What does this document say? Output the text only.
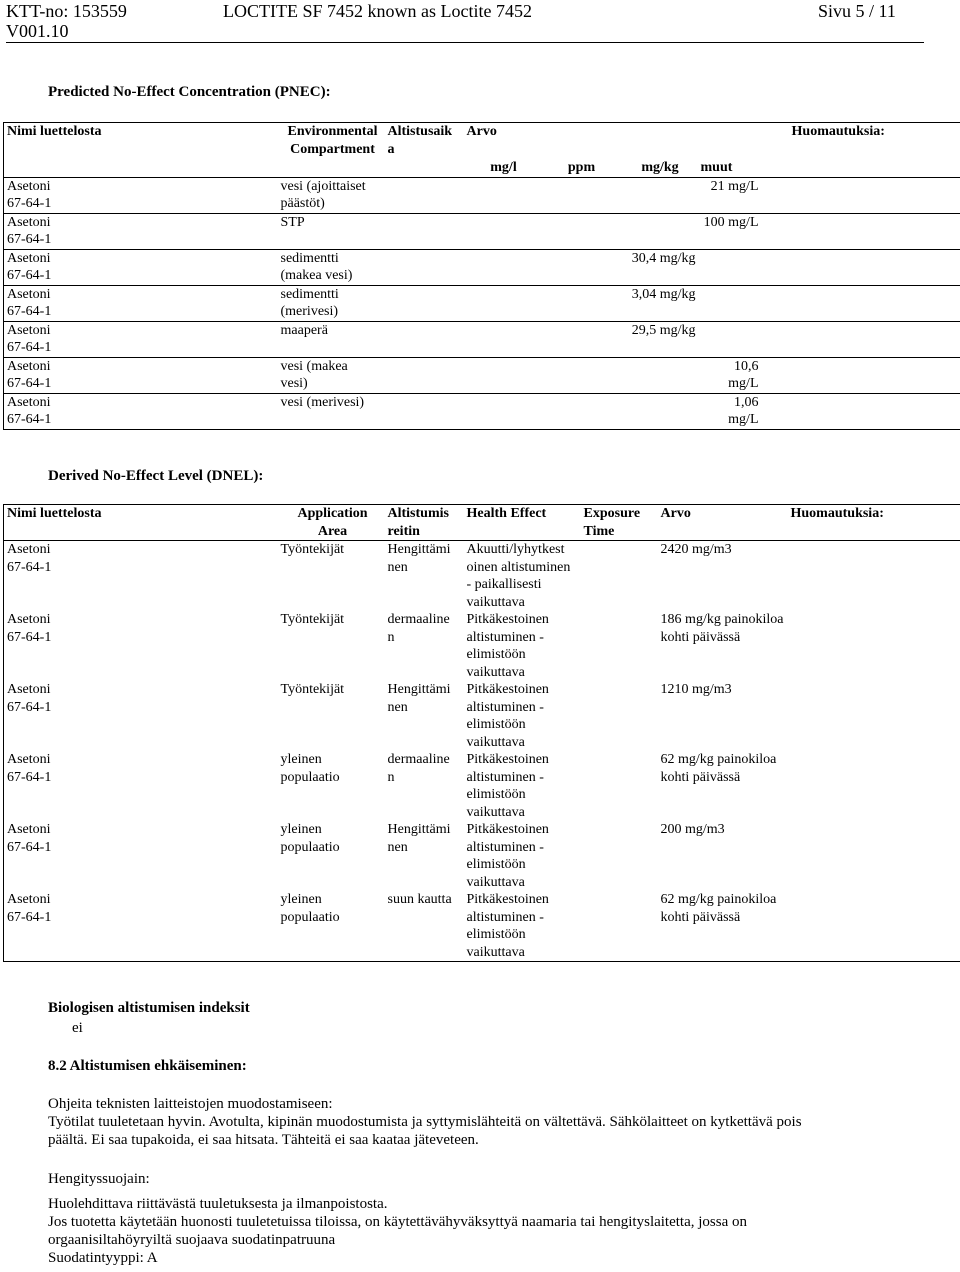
KTT-no: 153559
V001.10
LOCTITE SF 7452 known as Loctite 7452	Sivu 5 / 11
Predicted No-Effect Concentration (PNEC):
Nimi luettelosta	Environmental
Compartment	Altistusaik
a	Arvo				Huomautuksia:
			mg/l	ppm	mg/kg	muut	
Asetoni
67-64-1	vesi (ajoittaiset
päästöt)					21 mg/L	
Asetoni
67-64-1	STP					100 mg/L	
Asetoni
67-64-1	sedimentti
(makea vesi)				30,4 mg/kg		
Asetoni
67-64-1	sedimentti
(merivesi)				3,04 mg/kg		
Asetoni
67-64-1	maaperä				29,5 mg/kg		
Asetoni
67-64-1	vesi (makea
vesi)					10,6 mg/L	
Asetoni
67-64-1	vesi (merivesi)					1,06 mg/L	
Derived No-Effect Level (DNEL):
Nimi luettelosta	Application
Area	Altistumis
reitin	Health Effect	Exposure
Time	Arvo	Huomautuksia:
Asetoni
67-64-1	Työntekijät	Hengittämi
nen	Akuutti/lyhytkest
oinen altistuminen
- paikallisesti
vaikuttava		2420 mg/m3	
Asetoni
67-64-1	Työntekijät	dermaaline
n	Pitkäkestoinen
altistuminen -
elimistöön
vaikuttava		186 mg/kg painokiloa kohti päivässä	
Asetoni
67-64-1	Työntekijät	Hengittämi
nen	Pitkäkestoinen
altistuminen -
elimistöön
vaikuttava		1210 mg/m3	
Asetoni
67-64-1	yleinen
populaatio	dermaaline
n	Pitkäkestoinen
altistuminen -
elimistöön
vaikuttava		62 mg/kg painokiloa
kohti päivässä	
Asetoni
67-64-1	yleinen
populaatio	Hengittämi
nen	Pitkäkestoinen
altistuminen -
elimistöön
vaikuttava		200 mg/m3	
Asetoni
67-64-1	yleinen
populaatio	suun kautta	Pitkäkestoinen
altistuminen -
elimistöön
vaikuttava		62 mg/kg painokiloa
kohti päivässä	
Biologisen altistumisen indeksit
ei
8.2 Altistumisen ehkäiseminen:
Ohjeita teknisten laitteistojen muodostamiseen:
Työtilat tuuletetaan hyvin. Avotulta, kipinän muodostumista ja syttymislähteitä on vältettävä. Sähkölaitteet on kytkettävä pois
päältä. Ei saa tupakoida, ei saa hitsata. Tähteitä ei saa kaataa jäteveteen.
Hengityssuojain:
Huolehdittava riittävästä tuuletuksesta ja ilmanpoistosta.
Jos tuotetta käytetään huonosti tuuletetuissa tiloissa, on käytettävähyväksyttyä naamaria tai hengityslaitetta, jossa on
orgaanisiltahöyryiltä suojaava suodatinpatruuna
Suodatintyyppi: A
